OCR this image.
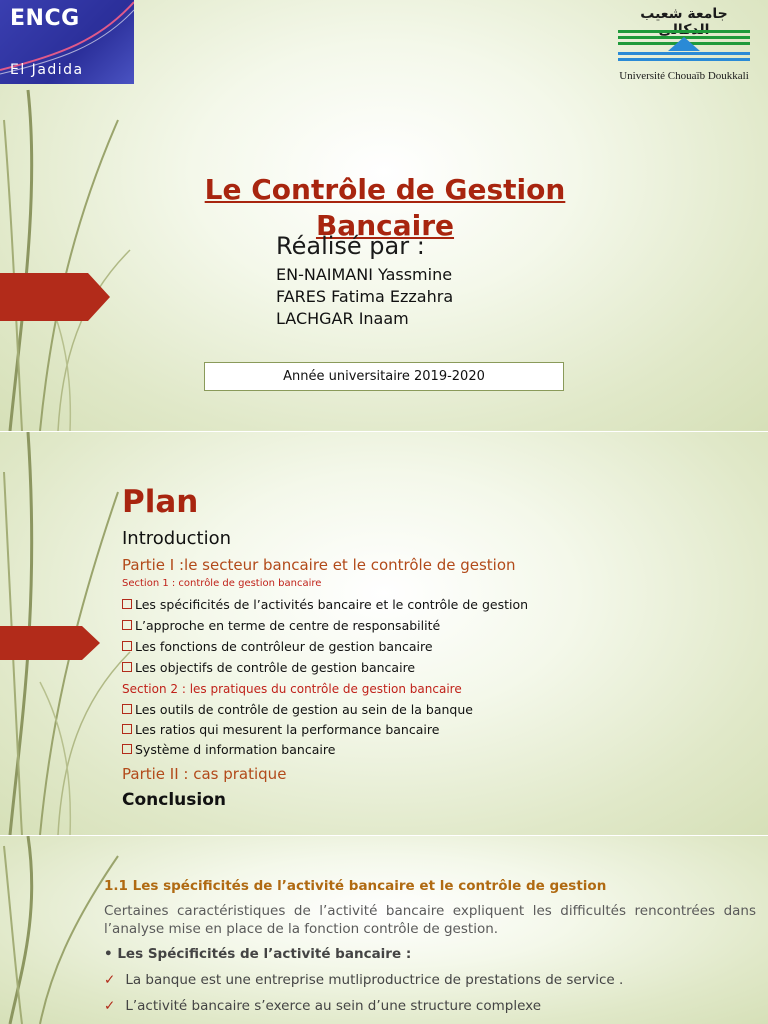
ENCG
El Jadida
جامعة شعيب
Université Chouaïb Doukkali
Le Contrôle de Gestion Bancaire
Réalisé par :
EN-NAIMANI Yassmine
FARES Fatima Ezzahra
LACHGAR Inaam
Année universitaire 2019-2020
Plan
Introduction
Partie I :le secteur bancaire et le contrôle de gestion
Section 1 : contrôle de gestion bancaire
Les spécificités de l’activités bancaire et le contrôle de gestion
L’approche en terme de centre de responsabilité
Les fonctions de contrôleur de gestion bancaire
Les objectifs de contrôle de gestion bancaire
Section 2 : les pratiques du contrôle de gestion bancaire
Les outils de contrôle de gestion au sein de la banque
Les ratios qui mesurent la performance bancaire
Système d information bancaire
Partie II : cas pratique
Conclusion
1.1 Les spécificités de l’activité bancaire et le contrôle de gestion
Certaines caractéristiques de l’activité bancaire expliquent les difficultés rencontrées dans l’analyse mise en place de la fonction contrôle de gestion.
• Les Spécificités de l’activité bancaire :
✓ La banque est une entreprise mutliproductrice de prestations de service .
✓ L’activité bancaire s’exerce au sein d’une structure complexe
